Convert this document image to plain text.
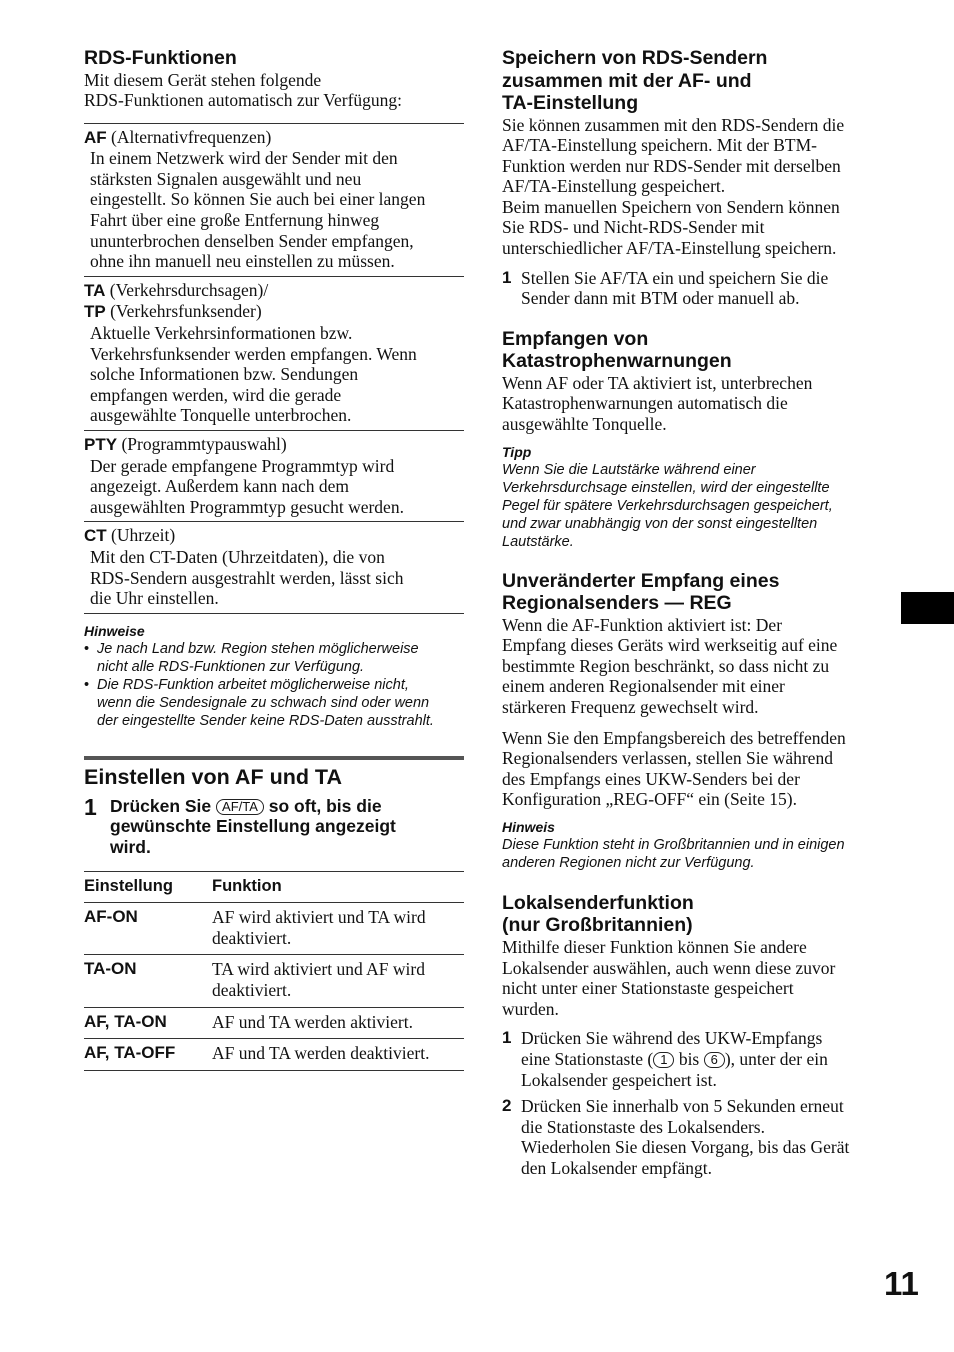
RDS-Funktionen
Mit diesem Gerät stehen folgende
RDS-Funktionen automatisch zur Verfügung:
AF (Alternativfrequenzen)
In einem Netzwerk wird der Sender mit den
stärksten Signalen ausgewählt und neu
eingestellt. So können Sie auch bei einer langen
Fahrt über eine große Entfernung hinweg
ununterbrochen denselben Sender empfangen,
ohne ihn manuell neu einstellen zu müssen.
TA (Verkehrsdurchsagen)/
TP (Verkehrsfunksender)
Aktuelle Verkehrsinformationen bzw.
Verkehrsfunksender werden empfangen. Wenn
solche Informationen bzw. Sendungen
empfangen werden, wird die gerade
ausgewählte Tonquelle unterbrochen.
PTY (Programmtypauswahl)
Der gerade empfangene Programmtyp wird
angezeigt. Außerdem kann nach dem
ausgewählten Programmtyp gesucht werden.
CT (Uhrzeit)
Mit den CT-Daten (Uhrzeitdaten), die von
RDS-Sendern ausgestrahlt werden, lässt sich
die Uhr einstellen.
Hinweise
• Je nach Land bzw. Region stehen möglicherweise
nicht alle RDS-Funktionen zur Verfügung.
• Die RDS-Funktion arbeitet möglicherweise nicht,
wenn die Sendesignale zu schwach sind oder wenn
der eingestellte Sender keine RDS-Daten ausstrahlt.
Einstellen von AF und TA
1 Drücken Sie AF/TA so oft, bis die
gewünschte Einstellung angezeigt
wird.
Einstellung	Funktion
AF-ON	AF wird aktiviert und TA wird
deaktiviert.

TA-ON	TA wird aktiviert und AF wird
deaktiviert.

AF, TA-ON	AF und TA werden aktiviert.

AF, TA-OFF	AF und TA werden deaktiviert.
Speichern von RDS-Sendern
zusammen mit der AF- und
TA-Einstellung
Sie können zusammen mit den RDS-Sendern die
AF/TA-Einstellung speichern. Mit der BTM-
Funktion werden nur RDS-Sender mit derselben
AF/TA-Einstellung gespeichert.
Beim manuellen Speichern von Sendern können
Sie RDS- und Nicht-RDS-Sender mit
unterschiedlicher AF/TA-Einstellung speichern.
1 Stellen Sie AF/TA ein und speichern Sie die
Sender dann mit BTM oder manuell ab.
Empfangen von
Katastrophenwarnungen
Wenn AF oder TA aktiviert ist, unterbrechen
Katastrophenwarnungen automatisch die
ausgewählte Tonquelle.
Tipp
Wenn Sie die Lautstärke während einer
Verkehrsdurchsage einstellen, wird der eingestellte
Pegel für spätere Verkehrsdurchsagen gespeichert,
und zwar unabhängig von der sonst eingestellten
Lautstärke.
Unveränderter Empfang eines
Regionalsenders — REG
Wenn die AF-Funktion aktiviert ist: Der
Empfang dieses Geräts wird werkseitig auf eine
bestimmte Region beschränkt, so dass nicht zu
einem anderen Regionalsender mit einer
stärkeren Frequenz gewechselt wird.
Wenn Sie den Empfangsbereich des betreffenden
Regionalsenders verlassen, stellen Sie während
des Empfangs eines UKW-Senders bei der
Konfiguration „REG-OFF“ ein (Seite 15).
Hinweis
Diese Funktion steht in Großbritannien und in einigen
anderen Regionen nicht zur Verfügung.
Lokalsenderfunktion
(nur Großbritannien)
Mithilfe dieser Funktion können Sie andere
Lokalsender auswählen, auch wenn diese zuvor
nicht unter einer Stationstaste gespeichert
wurden.
1 Drücken Sie während des UKW-Empfangs
eine Stationstaste ( 1 bis 6 ), unter der ein
Lokalsender gespeichert ist.
2 Drücken Sie innerhalb von 5 Sekunden erneut
die Stationstaste des Lokalsenders.
Wiederholen Sie diesen Vorgang, bis das Gerät
den Lokalsender empfängt.
11
